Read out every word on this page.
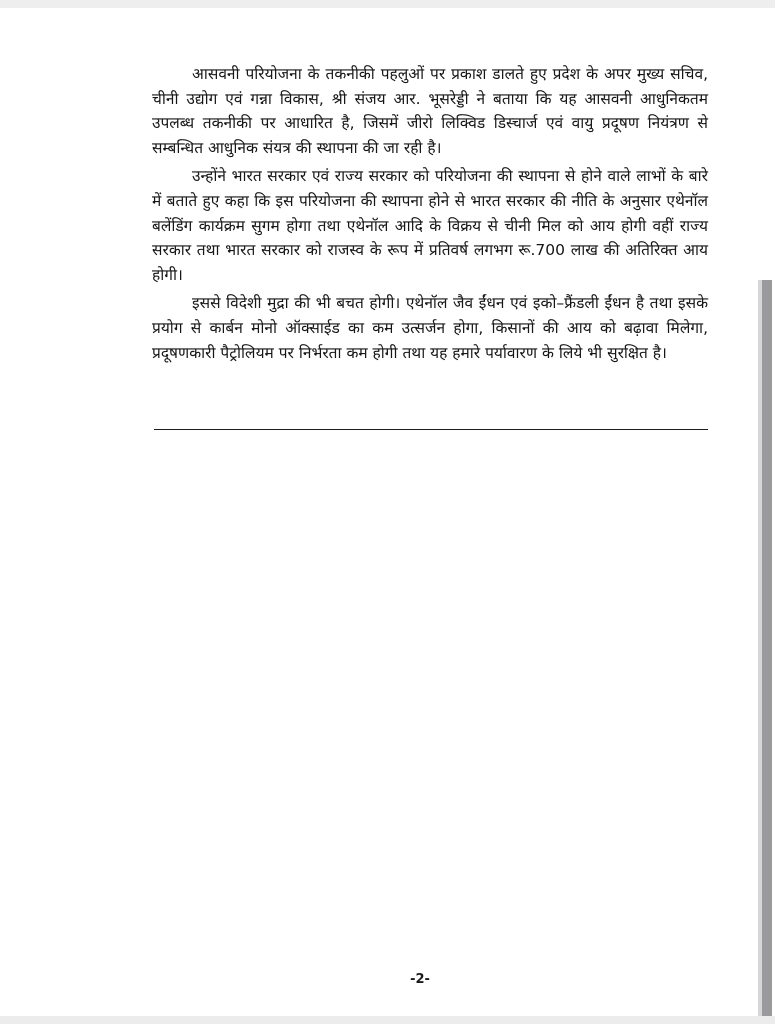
आसवनी परियोजना के तकनीकी पहलुओं पर प्रकाश डालते हुए प्रदेश के अपर मुख्य सचिव, चीनी उद्योग एवं गन्ना विकास, श्री संजय आर. भूसरेड्डी ने बताया कि यह आसवनी आधुनिकतम उपलब्ध तकनीकी पर आधारित है, जिसमें जीरो लिक्विड डिस्चार्ज एवं वायु प्रदूषण नियंत्रण से सम्बन्धित आधुनिक संयत्र की स्थापना की जा रही है।

उन्होंने भारत सरकार एवं राज्य सरकार को परियोजना की स्थापना से होने वाले लाभों के बारे में बताते हुए कहा कि इस परियोजना की स्थापना होने से भारत सरकार की नीति के अनुसार एथेनॉल बलेंडिंग कार्यक्रम सुगम होगा तथा एथेनॉल आदि के विक्रय से चीनी मिल को आय होगी वहीं राज्य सरकार तथा भारत सरकार को राजस्व के रूप में प्रतिवर्ष लगभग रू.700 लाख की अतिरिक्त आय होगी।

इससे विदेशी मुद्रा की भी बचत होगी। एथेनॉल जैव ईंधन एवं इको–फ्रैंडली ईंधन है तथा इसके प्रयोग से कार्बन मोनो ऑक्साईड का कम उत्सर्जन होगा, किसानों की आय को बढ़ावा मिलेगा, प्रदूषणकारी पैट्रोलियम पर निर्भरता कम होगी तथा यह हमारे पर्यावारण के लिये भी सुरक्षित है।

-2-
